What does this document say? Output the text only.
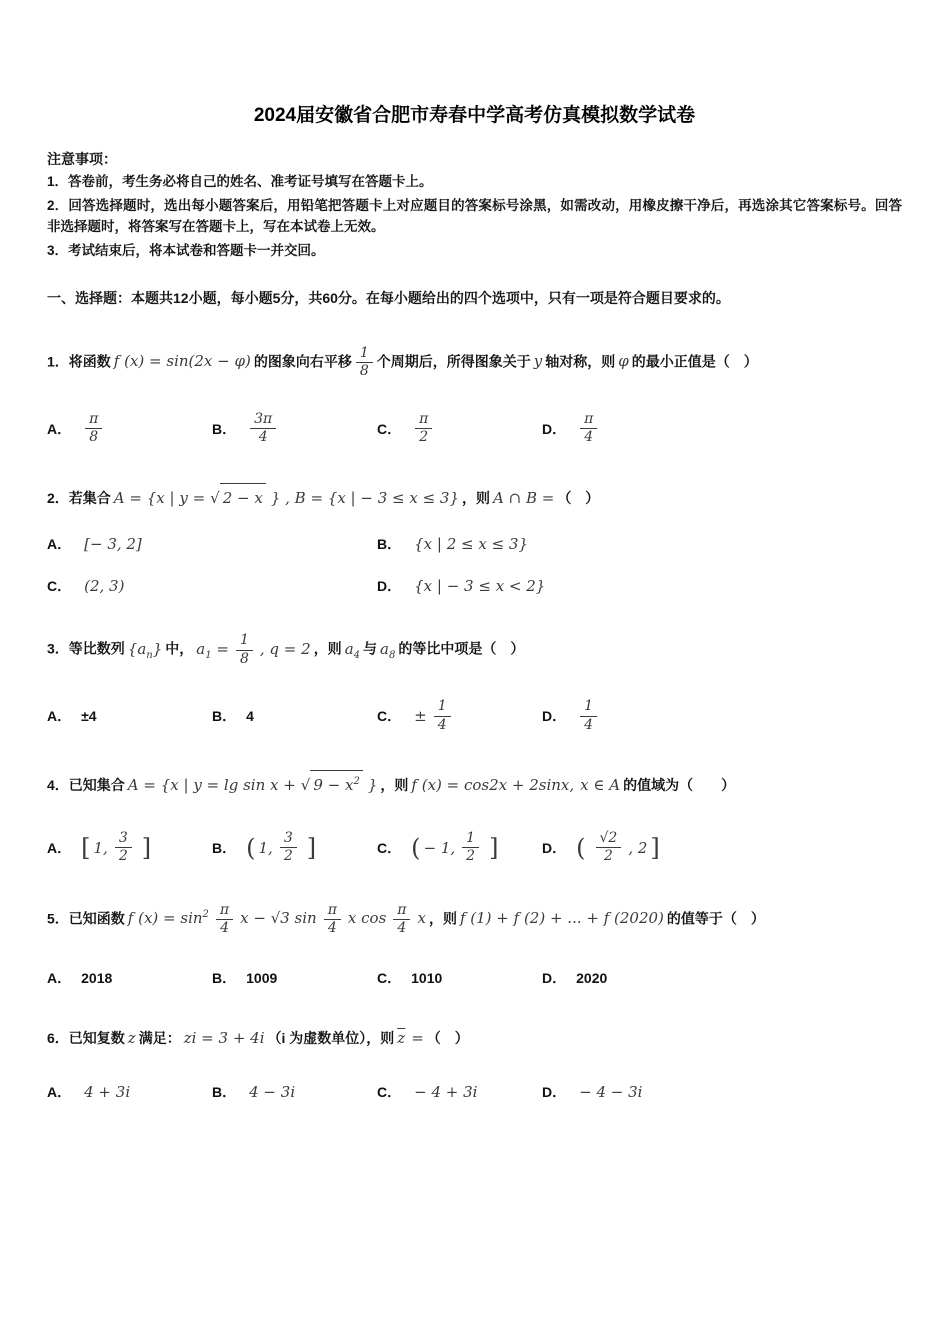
2024届安徽省合肥市寿春中学高考仿真模拟数学试卷
注意事项：

1．答卷前，考生务必将自己的姓名、准考证号填写在答题卡上。

2．回答选择题时，选出每小题答案后，用铅笔把答题卡上对应题目的答案标号涂黑，如需改动，用橡皮擦干净后，再选涂其它答案标号。回答非选择题时，将答案写在答题卡上，写在本试卷上无效。

3．考试结束后，将本试卷和答题卡一并交回。

一、选择题：本题共12小题，每小题5分，共60分。在每小题给出的四个选项中，只有一项是符合题目要求的。
1．将函数 f (x) = sin(2x − φ) 的图象向右平移 $\frac{1}{8}$ 个周期后，所得图象关于 y 轴对称，则 φ 的最小正值是（　）
A． $\frac{\pi}{8}$	B． $\frac{3\pi}{4}$	C． $\frac{\pi}{2}$	D． $\frac{\pi}{4}$
2．若集合 A = {x | y = √ 2 − x } , B = {x | − 3 ≤ x ≤ 3} ，则 A ∩ B = （　）
A． [− 3, 2]	B． {x | 2 ≤ x ≤ 3}
C． (2, 3)	D． {x | − 3 ≤ x < 2}
3．等比数列 $\{a_n\}$ 中， $a_1 = \frac{1}{8}$ , q = 2 ，则 $a_4$ 与 $a_8$ 的等比中项是（　）
A． ±4	B． 4	C． ± $\frac{1}{4}$	D． $\frac{1}{4}$
4．已知集合 A = {x | y = lg sin x + √ $9 - x^2$ } ，则 f (x) = cos2x + 2sinx, x ∈ A 的值域为（　　）
A． [ 1, $\frac{3}{2}$ ]	B． ( 1, $\frac{3}{2}$ ]	C． ( − 1, $\frac{1}{2}$ ]	D． ( $\frac{√2}{2}$ , 2 ]
5．已知函数 f $(x) = \sin^2 \frac{\pi}{4}$ x − √3 $\sin \frac{\pi}{4}$ x $\cos \frac{\pi}{4}$ x ，则 f (1) + f (2) + ... + f (2020) 的值等于（　）
A． 2018	B． 1009	C． 1010	D． 2020
6．已知复数 z 满足： zi = 3 + 4i （i 为虚数单位），则 $\overline{z}$ = （　）
A． 4 + 3i	B． 4 − 3i	C． − 4 + 3i	D． − 4 − 3i
